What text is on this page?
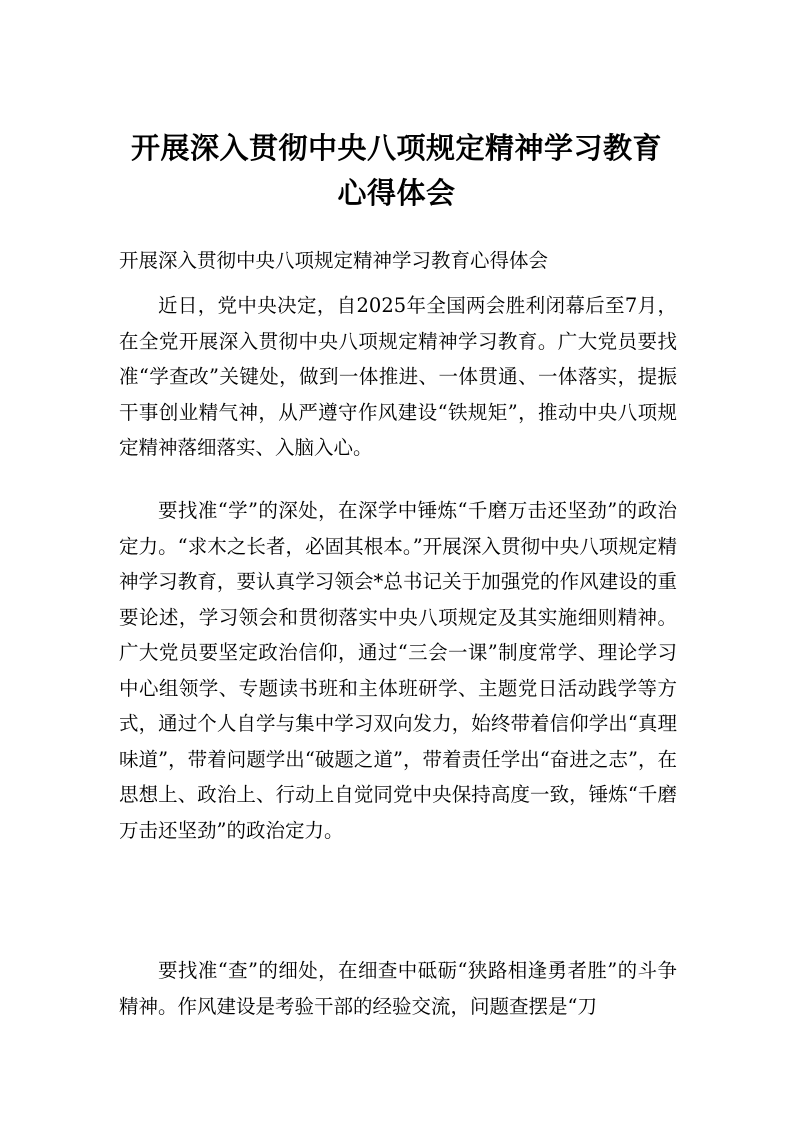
开展深入贯彻中央八项规定精神学习教育
心得体会

开展深入贯彻中央八项规定精神学习教育心得体会

近日，党中央决定，自2025年全国两会胜利闭幕后至7月，在全党开展深入贯彻中央八项规定精神学习教育。广大党员要找准“学查改”关键处，做到一体推进、一体贯通、一体落实，提振干事创业精气神，从严遵守作风建设“铁规矩”，推动中央八项规定精神落细落实、入脑入心。

要找准“学”的深处，在深学中锤炼“千磨万击还坚劲”的政治定力。“求木之长者，必固其根本。”开展深入贯彻中央八项规定精神学习教育，要认真学习领会*总书记关于加强党的作风建设的重要论述，学习领会和贯彻落实中央八项规定及其实施细则精神。广大党员要坚定政治信仰，通过“三会一课”制度常学、理论学习中心组领学、专题读书班和主体班研学、主题党日活动践学等方式，通过个人自学与集中学习双向发力，始终带着信仰学出“真理味道”，带着问题学出“破题之道”，带着责任学出“奋进之志”，在思想上、政治上、行动上自觉同党中央保持高度一致，锤炼“千磨万击还坚劲”的政治定力。

要找准“查”的细处，在细查中砥砺“狭路相逢勇者胜”的斗争精神。作风建设是考验干部的经验交流，问题查摆是“刀
